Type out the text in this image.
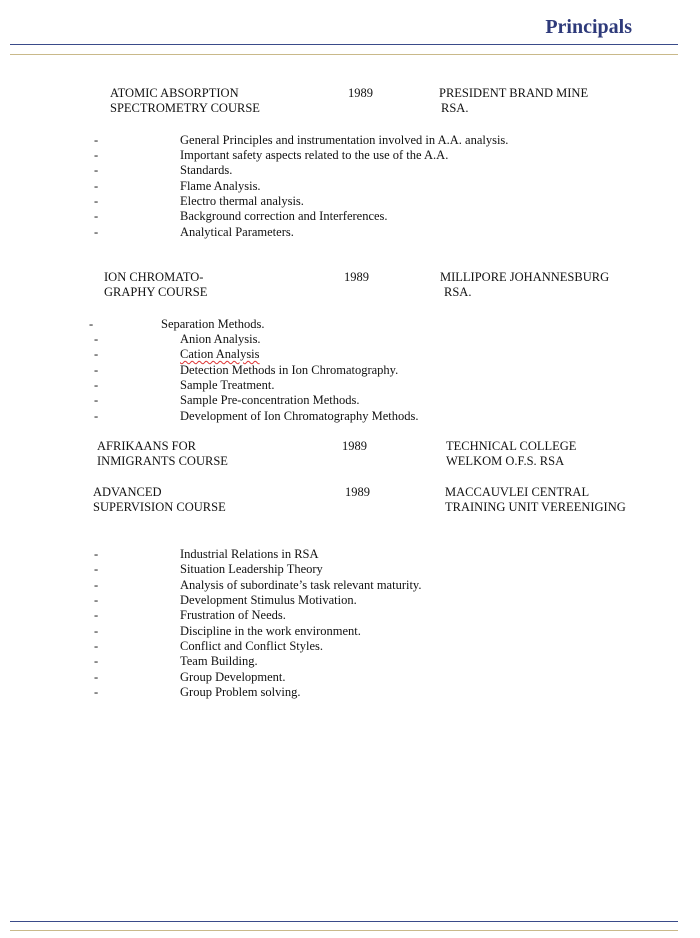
Principals
ATOMIC ABSORPTION
SPECTROMETRY COURSE
1989	PRESIDENT BRAND MINE
RSA.
-	General Principles and instrumentation involved in A.A. analysis.
-	Important safety aspects related to the use of the A.A.
-	Standards.
-	Flame Analysis.
-	Electro thermal analysis.
-	Background correction and Interferences.
-	Analytical Parameters.
ION CHROMATO-
GRAPHY COURSE
1989	MILLIPORE JOHANNESBURG
RSA.
-	Separation Methods.
-	Anion Analysis.
-	Cation Analysis
-	Detection Methods in Ion Chromatography.
-	Sample Treatment.
-	Sample Pre-concentration Methods.
-	Development of Ion Chromatography Methods.
AFRIKAANS FOR
INMIGRANTS COURSE
1989	TECHNICAL COLLEGE
WELKOM O.F.S. RSA
ADVANCED
SUPERVISION COURSE
1989	MACCAUVLEI CENTRAL
TRAINING UNIT VEREENIGING
-	Industrial Relations in RSA
-	Situation Leadership Theory
-	Analysis of subordinate’s task relevant maturity.
-	Development Stimulus Motivation.
-	Frustration of Needs.
-	Discipline in the work environment.
-	Conflict and Conflict Styles.
-	Team Building.
-	Group Development.
-	Group Problem solving.
